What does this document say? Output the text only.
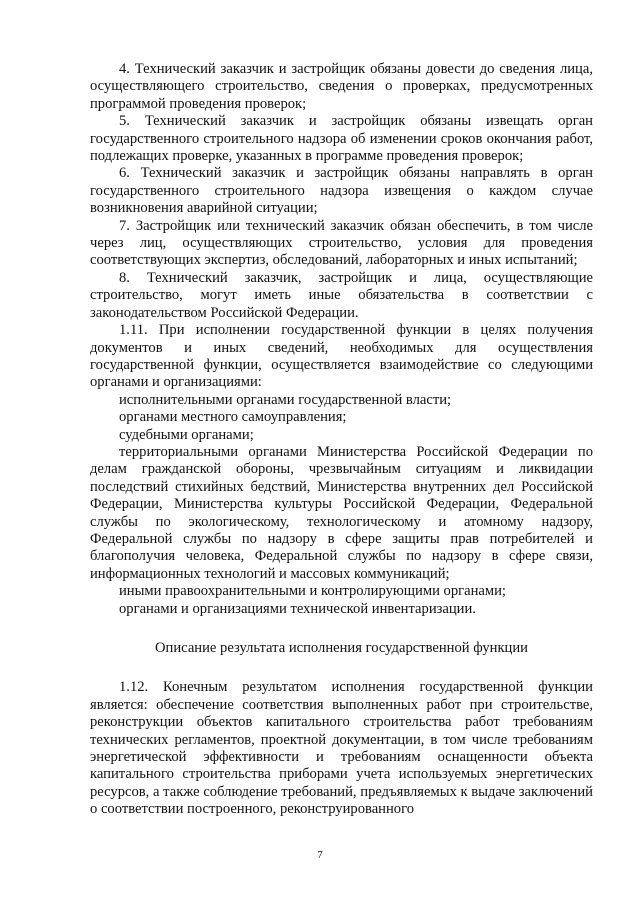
4. Технический заказчик и застройщик обязаны довести до сведения лица, осуществляющего строительство, сведения о проверках, предусмотренных программой проведения проверок;

5. Технический заказчик и застройщик обязаны извещать орган государственного строительного надзора об изменении сроков окончания работ, подлежащих проверке, указанных в программе проведения проверок;

6. Технический заказчик и застройщик обязаны направлять в орган государственного строительного надзора извещения о каждом случае возникновения аварийной ситуации;

7. Застройщик или технический заказчик обязан обеспечить, в том числе через лиц, осуществляющих строительство, условия для проведения соответствующих экспертиз, обследований, лабораторных и иных испытаний;

8. Технический заказчик, застройщик и лица, осуществляющие строительство, могут иметь иные обязательства в соответствии с законодательством Российской Федерации.

1.11. При исполнении государственной функции в целях получения документов и иных сведений, необходимых для осуществления государственной функции, осуществляется взаимодействие со следующими органами и организациями:

исполнительными органами государственной власти;

органами местного самоуправления;

судебными органами;

территориальными органами Министерства Российской Федерации по делам гражданской обороны, чрезвычайным ситуациям и ликвидации последствий стихийных бедствий, Министерства внутренних дел Российской Федерации, Министерства культуры Российской Федерации, Федеральной службы по экологическому, технологическому и атомному надзору, Федеральной службы по надзору в сфере защиты прав потребителей и благополучия человека, Федеральной службы по надзору в сфере связи, информационных технологий и массовых коммуникаций;

иными правоохранительными и контролирующими органами;

органами и организациями технической инвентаризации.

Описание результата исполнения государственной функции

1.12. Конечным результатом исполнения государственной функции является: обеспечение соответствия выполненных работ при строительстве, реконструкции объектов капитального строительства работ требованиям технических регламентов, проектной документации, в том числе требованиям энергетической эффективности и требованиям оснащенности объекта капитального строительства приборами учета используемых энергетических ресурсов, а также соблюдение требований, предъявляемых к выдаче заключений о соответствии построенного, реконструированного

7
